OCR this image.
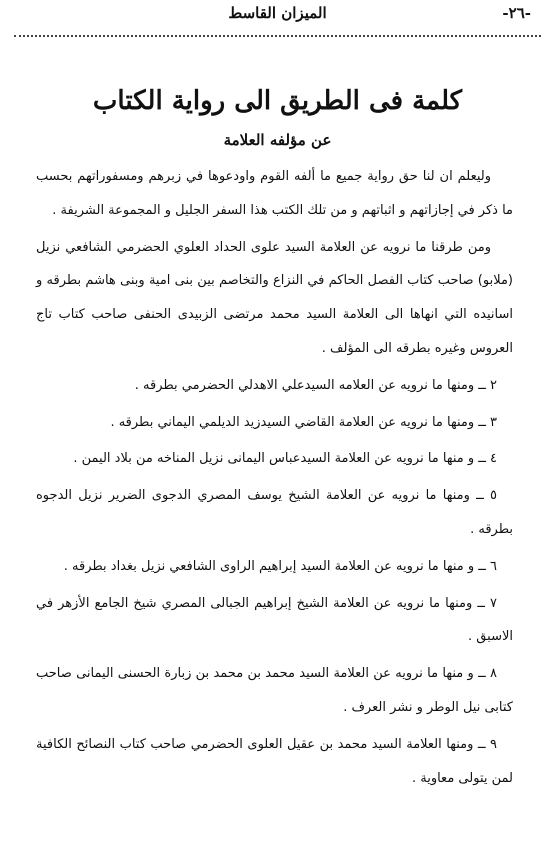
الميزان القاسط	-٢٦-
كلمة فى الطريق الى رواية الكتاب
عن مؤلفه العلامة

وليعلم ان لنا حق رواية جميع ما ألفه القوم واودعوها في زبرهم ومسفوراتهم بحسب ما ذكر في إجازاتهم و اثباتهم و من تلك الكتب هذا السفر الجليل و المجموعة الشريفة .

ومن طرقنا ما نرويه عن العلامة السيد علوى الحداد العلوي الحضرمي الشافعي نزيل (ملابو) صاحب كتاب الفصل الحاكم في النزاع والتخاصم بين بنى امية وبنى هاشم بطرقه و اسانيده التي انهاها الى العلامة السيد محمد مرتضى الزبيدى الحنفى صاحب كتاب تاج العروس وغيره بطرقه الى المؤلف .

٢ ــ ومنها ما نرويه عن العلامه السيدعلي الاهدلي الحضرمي بطرقه .

٣ ــ ومنها ما نرويه عن العلامة القاضي السيدزيد الديلمي اليماني بطرقه .

٤ ــ و منها ما نرويه عن العلامة السيدعباس اليمانى نزيل المناخه من بلاد اليمن .

٥ ــ ومنها ما نرويه عن العلامة الشيخ يوسف المصري الدجوى الضرير نزيل الدجوه بطرقه .

٦ ــ و منها ما نرويه عن العلامة السيد إبراهيم الراوى الشافعي نزيل بغداد بطرقه .

٧ ــ ومنها ما نرويه عن العلامة الشيخ إبراهيم الجبالى المصري شيخ الجامع الأزهر في الاسبق .

٨ ــ و منها ما نرويه عن العلامة السيد محمد بن محمد بن زبارة الحسنى اليمانى صاحب كتابى نيل الوطر و نشر العرف .

٩ ــ ومنها العلامة السيد محمد بن عقيل العلوى الحضرمي صاحب كتاب النصائح الكافية لمن يتولى معاوية .
